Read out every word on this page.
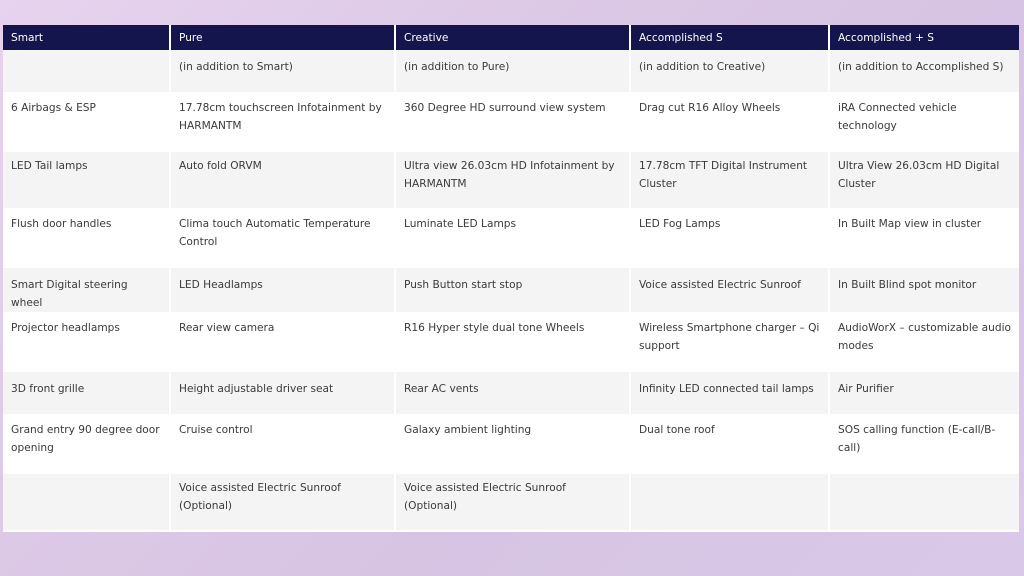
Smart	Pure	Creative	Accomplished S	Accomplished + S
	(in addition to Smart)	(in addition to Pure)	(in addition to Creative)	(in addition to Accomplished S)
6 Airbags & ESP	17.78cm touchscreen Infotainment by HARMANTM	360 Degree HD surround view system	Drag cut R16 Alloy Wheels	iRA Connected vehicle technology
LED Tail lamps	Auto fold ORVM	Ultra view 26.03cm HD Infotainment by HARMANTM	17.78cm TFT Digital Instrument Cluster	Ultra View 26.03cm HD Digital Cluster
Flush door handles	Clima touch Automatic Temperature Control	Luminate LED Lamps	LED Fog Lamps	In Built Map view in cluster
Smart Digital steering wheel	LED Headlamps	Push Button start stop	Voice assisted Electric Sunroof	In Built Blind spot monitor
Projector headlamps	Rear view camera	R16 Hyper style dual tone Wheels	Wireless Smartphone charger – Qi support	AudioWorX – customizable audio modes
3D front grille	Height adjustable driver seat	Rear AC vents	Infinity LED connected tail lamps	Air Purifier
Grand entry 90 degree door opening	Cruise control	Galaxy ambient lighting	Dual tone roof	SOS calling function (E-call/B-call)
	Voice assisted Electric Sunroof (Optional)	Voice assisted Electric Sunroof (Optional)		
